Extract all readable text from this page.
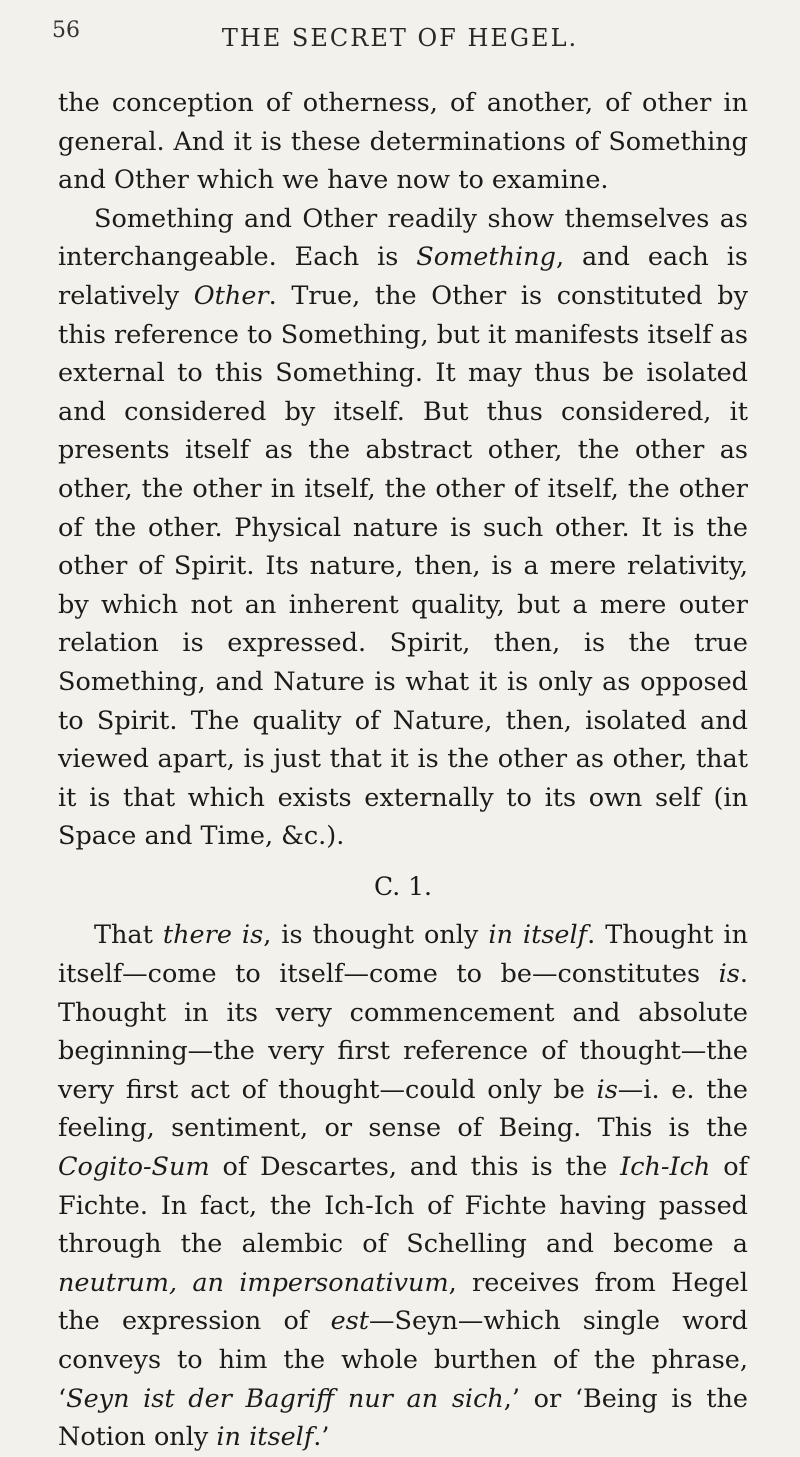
56	THE SECRET OF HEGEL.

the conception of otherness, of another, of other in general. And it is these determinations of Something and Other which we have now to examine.

Something and Other readily show themselves as interchangeable. Each is Something, and each is relatively Other. True, the Other is constituted by this reference to Something, but it manifests itself as external to this Something. It may thus be isolated and considered by itself. But thus considered, it presents itself as the abstract other, the other as other, the other in itself, the other of itself, the other of the other. Physical nature is such other. It is the other of Spirit. Its nature, then, is a mere relativity, by which not an inherent quality, but a mere outer relation is expressed. Spirit, then, is the true Something, and Nature is what it is only as opposed to Spirit. The quality of Nature, then, isolated and viewed apart, is just that it is the other as other, that it is that which exists externally to its own self (in Space and Time, &c.).

C. 1.

That there is, is thought only in itself. Thought in itself—come to itself—come to be—constitutes is. Thought in its very commencement and absolute beginning—the very first reference of thought—the very first act of thought—could only be is—i. e. the feeling, sentiment, or sense of Being. This is the Cogito-Sum of Descartes, and this is the Ich-Ich of Fichte. In fact, the Ich-Ich of Fichte having passed through the alembic of Schelling and become a neutrum, an impersonativum, receives from Hegel the expression of est—Seyn—which single word conveys to him the whole burthen of the phrase, ‘Seyn ist der Bagriff nur an sich,’ or ‘Being is the Notion only in itself.’
